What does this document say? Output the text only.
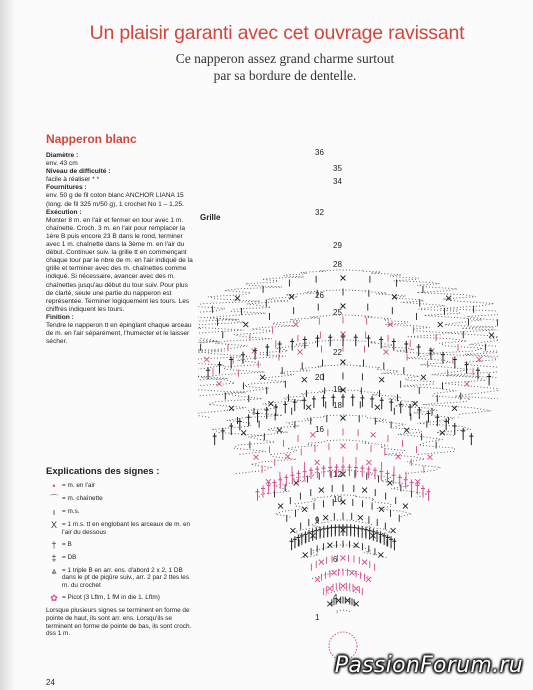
Un plaisir garanti avec cet ouvrage ravissant
Ce napperon assez grand charme surtout
par sa bordure de dentelle.
Napperon blanc
Diamètre :

env. 43 cm

Niveau de difficulté :

facile à réaliser * *

Fournitures :

env. 50 g de fil coton blanc ANCHOR LIANA 15 (long. de fil 325 m/50 g), 1 crochet No 1 – 1,25.

Exécution :

Monter 8 m. en l'air et fermer en tour avec 1 m. chaînette. Croch. 3 m. en l'air pour remplacer la 1ère B puis encore 23 B dans le rond, terminer avec 1 m. chaînette dans la 3ème m. en l'air du début. Continuer suiv. la grille tt en commençant chaque tour par le nbre de m. en l'air indiqué de la grille et terminer avec des m. chaînettes comme indiqué. Si nécessaire, avancer avec des m. chaînettes jusqu'au début du tour suiv. Pour plus de clarté, seule une partie du napperon est représentée. Terminer logiquement les tours. Les chiffres indiquent les tours.

Finition :

Tendre le napperon tt en épinglant chaque arceau de m. en l'air séparément, l'humecter et le laisser sécher.

Grille
36
35
34
32
29
28
26
25
22
20
19
18
16
12
10
9
6
4
1
Explications des signes :
•	= m. en l'air
⌒ = m. chaînette
ı	= m.s.
X = 1 m.s. tt en englobant les arceaux de m. en l'air du dessous
† = B
‡ = DB
⩓ = 1 triple B en arr. ens. d'abord 2 x 2, 1 DB dans le pt de piqûre suiv., arr. 2 par 2 ttes les m. du crochet
✿ = Picot (3 Lftm, 1 fM in die 1. Lftm)
Lorsque plusieurs signes se terminent en forme de pointe de haut, ils sont arr. ens. Lorsqu'ils se terminent en forme de pointe de bas, ils sont croch. dss 1 m.
24
PassionForum.ru
